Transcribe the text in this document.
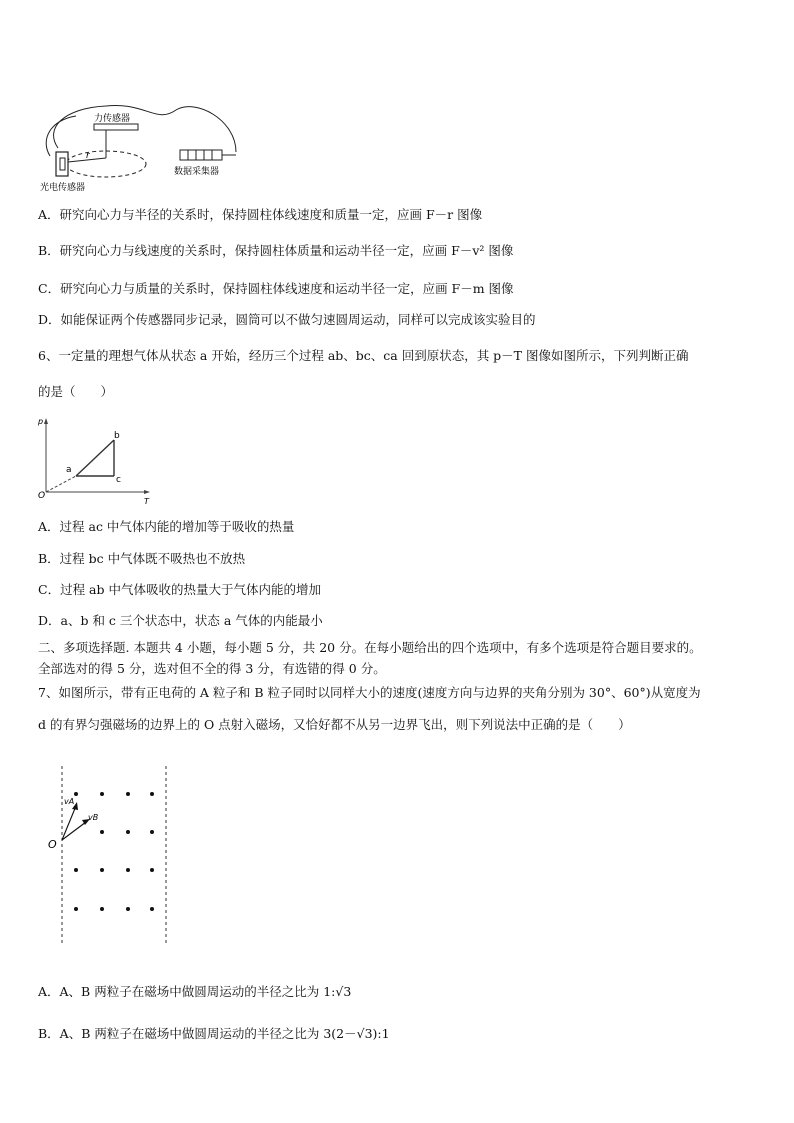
力传感器
r
数据采集器
光电传感器
A．研究向心力与半径的关系时，保持圆柱体线速度和质量一定，应画 F－r 图像
B．研究向心力与线速度的关系时，保持圆柱体质量和运动半径一定，应画 F－v² 图像
C．研究向心力与质量的关系时，保持圆柱体线速度和运动半径一定，应画 F－m 图像
D．如能保证两个传感器同步记录，圆筒可以不做匀速圆周运动，同样可以完成该实验目的
6、一定量的理想气体从状态 a 开始，经历三个过程 ab、bc、ca 回到原状态，其 p－T 图像如图所示，下列判断正确
的是（　　）
p
T
O
a
b
c
A．过程 ac 中气体内能的增加等于吸收的热量
B．过程 bc 中气体既不吸热也不放热
C．过程 ab 中气体吸收的热量大于气体内能的增加
D．a、b 和 c 三个状态中，状态 a 气体的内能最小
二、多项选择题. 本题共 4 小题，每小题 5 分，共 20 分。在每小题给出的四个选项中，有多个选项是符合题目要求的。
全部选对的得 5 分，选对但不全的得 3 分，有选错的得 0 分。
7、如图所示，带有正电荷的 A 粒子和 B 粒子同时以同样大小的速度(速度方向与边界的夹角分别为 30°、60°)从宽度为
d 的有界匀强磁场的边界上的 O 点射入磁场，又恰好都不从另一边界飞出，则下列说法中正确的是（　　）
O
vA
vB
A．A、B 两粒子在磁场中做圆周运动的半径之比为 1:√3
B．A、B 两粒子在磁场中做圆周运动的半径之比为 3(2－√3):1
